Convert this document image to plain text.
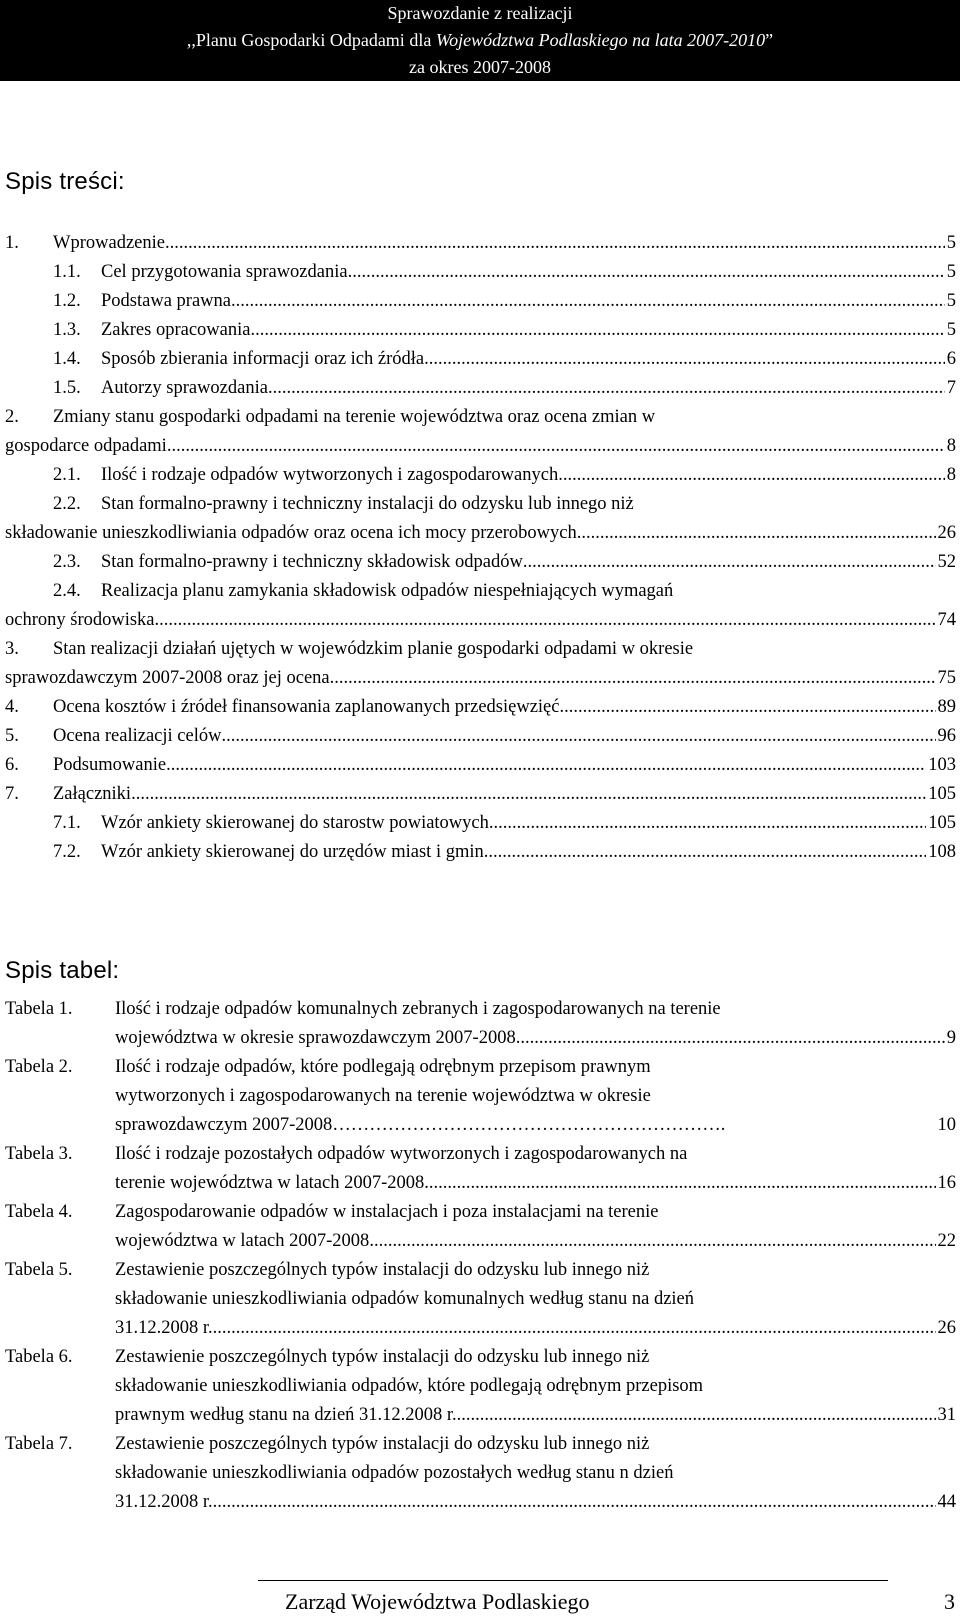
Sprawozdanie z realizacji
,,Planu Gospodarki Odpadami dla Województwa Podlaskiego na lata 2007-2010”
za okres 2007-2008
Spis treści:
1. Wprowadzenie .....	5
1.1. Cel przygotowania sprawozdania .....	5
1.2. Podstawa prawna .....	5
1.3. Zakres opracowania .....	5
1.4. Sposób zbierania informacji oraz ich źródła .....	6
1.5. Autorzy sprawozdania .....	7
2.	Zmiany stanu gospodarki odpadami na terenie województwa oraz ocena zmian w
gospodarce odpadami .....	8
2.1. Ilość i rodzaje odpadów wytworzonych i zagospodarowanych .....	8
2.2.	Stan formalno-prawny i techniczny instalacji do odzysku lub innego niż
składowanie unieszkodliwiania odpadów oraz ocena ich mocy przerobowych .....	26
2.3. Stan formalno-prawny i techniczny składowisk odpadów .....	52
2.4.	Realizacja planu zamykania składowisk odpadów niespełniających wymagań
ochrony środowiska .....	74
3.	Stan realizacji działań ujętych w wojewódzkim planie gospodarki odpadami w okresie
sprawozdawczym 2007-2008 oraz jej ocena .....	75
4. Ocena kosztów i źródeł finansowania zaplanowanych przedsięwzięć .....	89
5. Ocena realizacji celów .....	96
6. Podsumowanie .....	103
7. Załączniki .....	105
7.1. Wzór ankiety skierowanej do starostw powiatowych .....	105
7.2. Wzór ankiety skierowanej do urzędów miast i gmin .....	108
Spis tabel:
Tabela 1. Ilość i rodzaje odpadów komunalnych zebranych i zagospodarowanych na terenie
województwa w okresie sprawozdawczym 2007-2008 .....	9
Tabela 2. Ilość i rodzaje odpadów, które podlegają odrębnym przepisom prawnym
wytworzonych i zagospodarowanych na terenie województwa w okresie
sprawozdawczym 2007-2008……………………………………………………….	10
Tabela 3. Ilość i rodzaje pozostałych odpadów wytworzonych i zagospodarowanych na
terenie województwa w latach 2007-2008 .....	16
Tabela 4. Zagospodarowanie odpadów w instalacjach i poza instalacjami na terenie
województwa w latach 2007-2008 .....	22
Tabela 5. Zestawienie poszczególnych typów instalacji do odzysku lub innego niż
składowanie unieszkodliwiania odpadów komunalnych według stanu na dzień
31.12.2008 r. .....	26
Tabela 6. Zestawienie poszczególnych typów instalacji do odzysku lub innego niż
składowanie unieszkodliwiania odpadów, które podlegają odrębnym przepisom
prawnym według stanu na dzień 31.12.2008 r. .....	31
Tabela 7. Zestawienie poszczególnych typów instalacji do odzysku lub innego niż
składowanie unieszkodliwiania odpadów pozostałych według stanu n dzień
31.12.2008 r. .....	44
Zarząd Województwa Podlaskiego	3
